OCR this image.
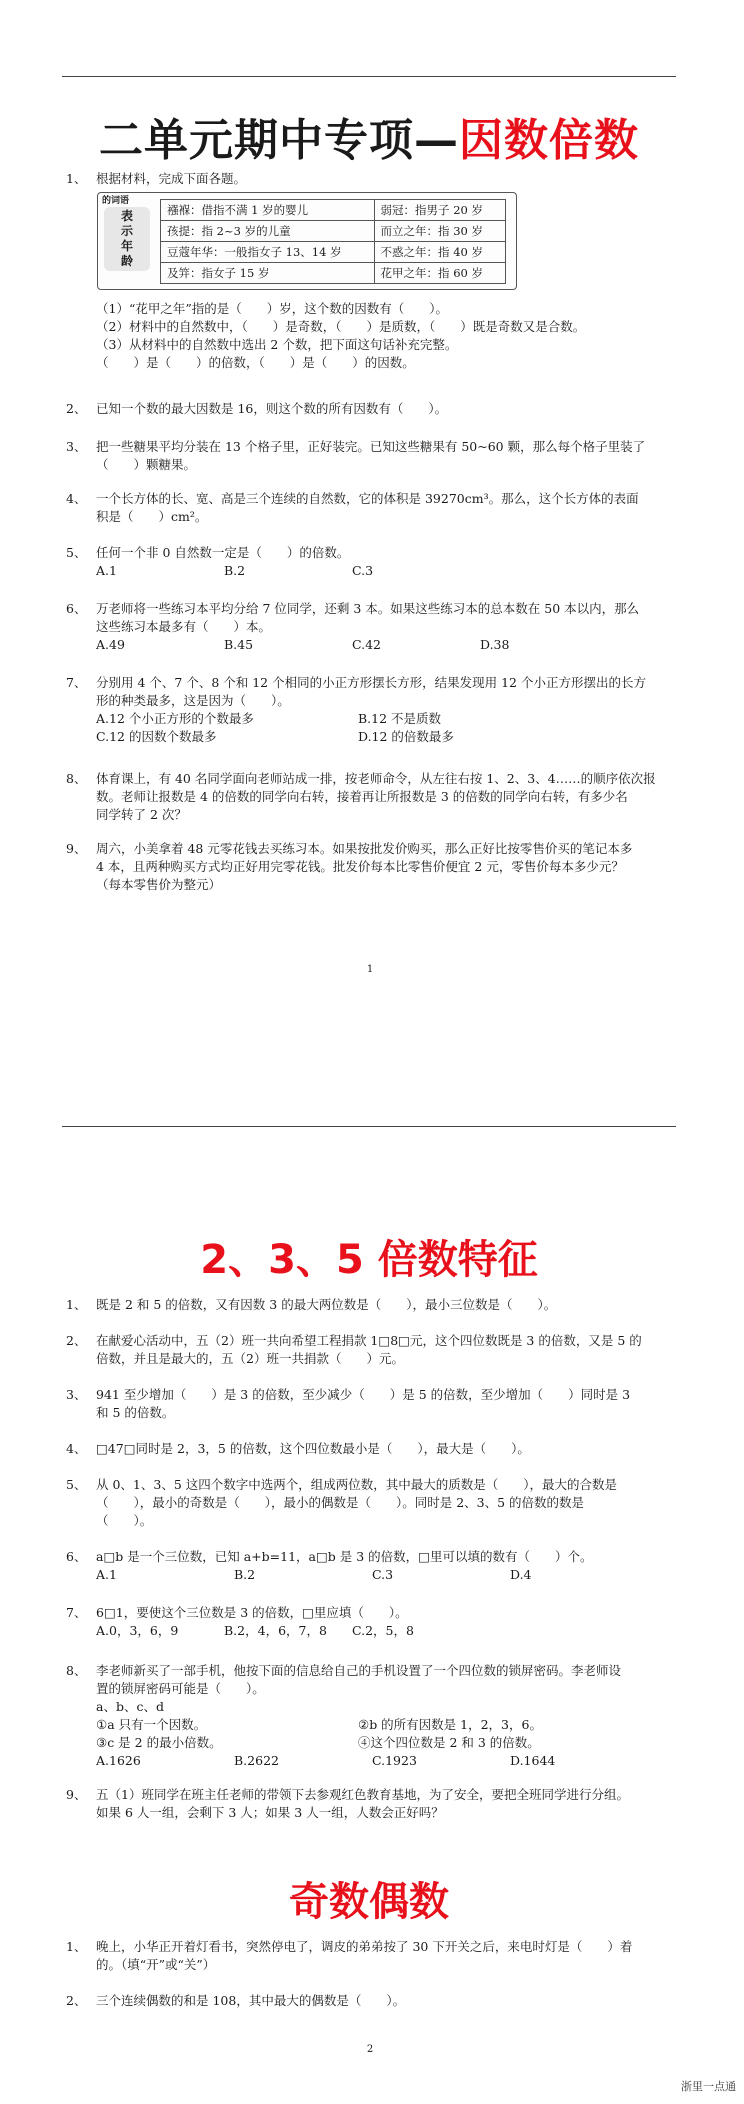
二单元期中专项—因数倍数
1、 根据材料，完成下面各题。
表
示
年
龄
的词语
襁褓：借指不满 1 岁的婴儿	弱冠：指男子 20 岁
孩提：指 2~3 岁的儿童	而立之年：指 30 岁
豆蔻年华：一般指女子 13、14 岁	不惑之年：指 40 岁
及笄：指女子 15 岁	花甲之年：指 60 岁
（1）“花甲之年”指的是（　　）岁，这个数的因数有（　　）。
（2）材料中的自然数中，（　　）是奇数，（　　）是质数，（　　）既是奇数又是合数。
（3）从材料中的自然数中选出 2 个数，把下面这句话补充完整。
（　　）是（　　）的倍数，（　　）是（　　）的因数。
2、 已知一个数的最大因数是 16，则这个数的所有因数有（　　）。
3、 把一些糖果平均分装在 13 个格子里，正好装完。已知这些糖果有 50~60 颗，那么每个格子里装了
（　　）颗糖果。
4、 一个长方体的长、宽、高是三个连续的自然数，它的体积是 39270cm³。那么，这个长方体的表面
积是（　　）cm²。
5、 任何一个非 0 自然数一定是（　　）的倍数。
A.1	B.2	C.3
6、 万老师将一些练习本平均分给 7 位同学，还剩 3 本。如果这些练习本的总本数在 50 本以内，那么
这些练习本最多有（　　）本。
A.49	B.45	C.42	D.38
7、 分别用 4 个、7 个、8 个和 12 个相同的小正方形摆长方形，结果发现用 12 个小正方形摆出的长方
形的种类最多，这是因为（　　）。
A.12 个小正方形的个数最多	B.12 不是质数
C.12 的因数个数最多	D.12 的倍数最多
8、 体育课上，有 40 名同学面向老师站成一排，按老师命令，从左往右按 1、2、3、4……的顺序依次报
数。老师让报数是 4 的倍数的同学向右转，接着再让所报数是 3 的倍数的同学向右转，有多少名
同学转了 2 次？
9、 周六，小美拿着 48 元零花钱去买练习本。如果按批发价购买，那么正好比按零售价买的笔记本多
4 本，且两种购买方式均正好用完零花钱。批发价每本比零售价便宜 2 元，零售价每本多少元？
（每本零售价为整元）
1
2、3、5 倍数特征
1、 既是 2 和 5 的倍数，又有因数 3 的最大两位数是（　　），最小三位数是（　　）。
2、 在献爱心活动中，五（2）班一共向希望工程捐款 1□8□元，这个四位数既是 3 的倍数，又是 5 的
倍数，并且是最大的，五（2）班一共捐款（　　）元。
3、 941 至少增加（　　）是 3 的倍数，至少减少（　　）是 5 的倍数，至少增加（　　）同时是 3
和 5 的倍数。
4、 □47□同时是 2，3，5 的倍数，这个四位数最小是（　　），最大是（　　）。
5、 从 0、1、3、5 这四个数字中选两个，组成两位数，其中最大的质数是（　　），最大的合数是
（　　），最小的奇数是（　　），最小的偶数是（　　）。同时是 2、3、5 的倍数的数是
（　　）。
6、 a□b 是一个三位数，已知 a+b=11，a□b 是 3 的倍数，□里可以填的数有（　　）个。
A.1	B.2	C.3	D.4
7、 6□1，要使这个三位数是 3 的倍数，□里应填（　　）。
A.0，3，6，9	B.2，4，6，7，8	C.2，5，8
8、 李老师新买了一部手机，他按下面的信息给自己的手机设置了一个四位数的锁屏密码。李老师设
置的锁屏密码可能是（　　）。
a、b、c、d
①a 只有一个因数。	②b 的所有因数是 1，2，3，6。
③c 是 2 的最小倍数。	④这个四位数是 2 和 3 的倍数。
A.1626	B.2622	C.1923	D.1644
9、 五（1）班同学在班主任老师的带领下去参观红色教育基地，为了安全，要把全班同学进行分组。
如果 6 人一组，会剩下 3 人；如果 3 人一组，人数会正好吗？
奇数偶数
1、 晚上，小华正开着灯看书，突然停电了，调皮的弟弟按了 30 下开关之后，来电时灯是（　　）着
的。（填“开”或“关”）
2、 三个连续偶数的和是 108，其中最大的偶数是（　　）。
2
浙里一点通
